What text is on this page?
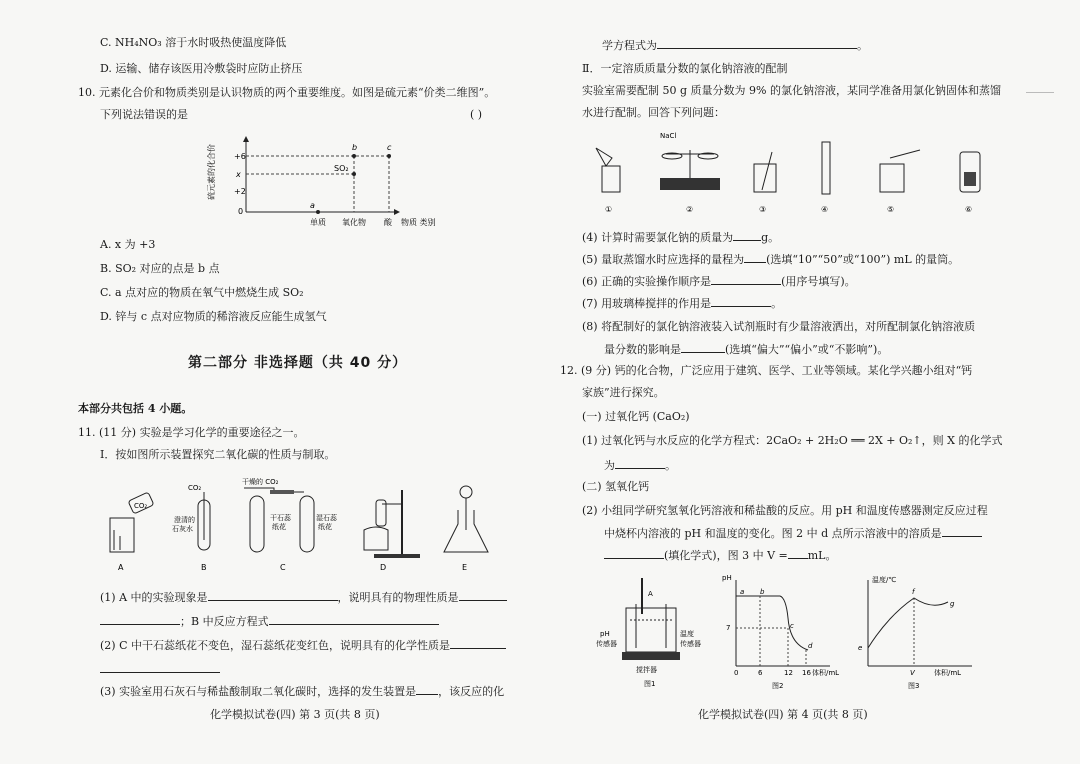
C. NH₄NO₃ 溶于水时吸热使温度降低
D. 运输、储存该医用冷敷袋时应防止挤压
10. 元素化合价和物质类别是认识物质的两个重要维度。如图是硫元素“价类二维图”。
下列说法错误的是	( )
硫元素的化合价 +6
x
+2
0
a
b	c
SO₂
单质 氧化物 酸 物质 类别
A. x 为 +3
B. SO₂ 对应的点是 b 点
C. a 点对应的物质在氧气中燃烧生成 SO₂
D. 锌与 c 点对应物质的稀溶液反应能生成氢气
第二部分 非选择题（共 40 分）
本部分共包括 4 小题。
11. (11 分) 实验是学习化学的重要途径之一。
Ⅰ．按如图所示装置探究二氧化碳的性质与制取。
CO₂
A
CO₂
澄清的
石灰水
B
干燥的 CO₂
干石蕊
纸花
湿石蕊
纸花
C	D	E
(1) A 中的实验现象是	，说明具有的物理性质是
；B 中反应方程式
(2) C 中干石蕊纸花不变色，湿石蕊纸花变红色，说明具有的化学性质是
(3) 实验室用石灰石与稀盐酸制取二氧化碳时，选择的发生装置是 ，该反应的化
化学模拟试卷(四) 第 3 页(共 8 页)
学方程式为	。
Ⅱ．一定溶质质量分数的氯化钠溶液的配制
实验室需要配制 50 g 质量分数为 9% 的氯化钠溶液，某同学准备用氯化钠固体和蒸馏
水进行配制。回答下列问题：
①
NaCl
②	③	④	⑤	⑥
(4) 计算时需要氯化钠的质量为	g。
(5) 量取蒸馏水时应选择的量程为 (选填“10”“50”或“100”) mL 的量筒。
(6) 正确的实验操作顺序是	(用序号填写)。
(7) 用玻璃棒搅拌的作用是	。
(8) 将配制好的氯化钠溶液装入试剂瓶时有少量溶液洒出，对所配制氯化钠溶液质
量分数的影响是	(选填“偏大”“偏小”或“不影响”)。
12. (9 分) 钙的化合物，广泛应用于建筑、医学、工业等领域。某化学兴趣小组对“钙
家族”进行探究。
(一) 过氧化钙 (CaO₂)
(1) 过氧化钙与水反应的化学方程式：2CaO₂ + 2H₂O ══ 2X + O₂↑，则 X 的化学式
为	。
(二) 氢氧化钙
(2) 小组同学研究氢氧化钙溶液和稀盐酸的反应。用 pH 和温度传感器测定反应过程
中烧杯内溶液的 pH 和温度的变化。图 2 中 d 点所示溶液中的溶质是
(填化学式)，图 3 中 V = mL。
A
pH
传感器
温度
传感器
搅拌器
图1
pH
7
a b
c
d
0	6	12 16 体积/mL
图2
温度/℃
e
f
g
V	体积/mL
图3
化学模拟试卷(四) 第 4 页(共 8 页)
